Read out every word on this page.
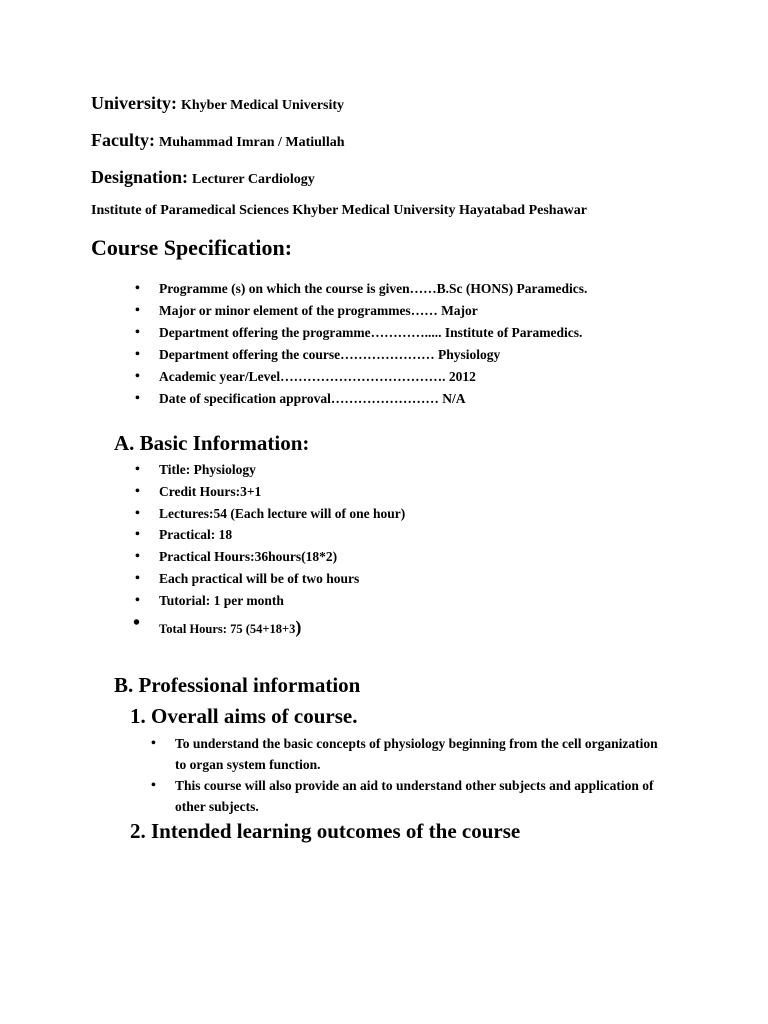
University: Khyber Medical University
Faculty: Muhammad Imran / Matiullah
Designation: Lecturer Cardiology
Institute of Paramedical Sciences Khyber Medical University Hayatabad Peshawar
Course Specification:
• Programme (s) on which the course is given……B.Sc (HONS) Paramedics.
• Major or minor element of the programmes…… Major
• Department offering the programme…………..... Institute of Paramedics.
• Department offering the course………………… Physiology
• Academic year/Level………………………………. 2012
• Date of specification approval…………………… N/A
A. Basic Information:
• Title: Physiology
• Credit Hours:3+1
• Lectures:54 (Each lecture will of one hour)
• Practical: 18
• Practical Hours:36hours(18*2)
• Each practical will be of two hours
• Tutorial: 1 per month
• Total Hours: 75 (54+18+3)
B. Professional information
1. Overall aims of course.
• To understand the basic concepts of physiology beginning from the cell organization to organ system function.
• This course will also provide an aid to understand other subjects and application of other subjects.
2. Intended learning outcomes of the course
